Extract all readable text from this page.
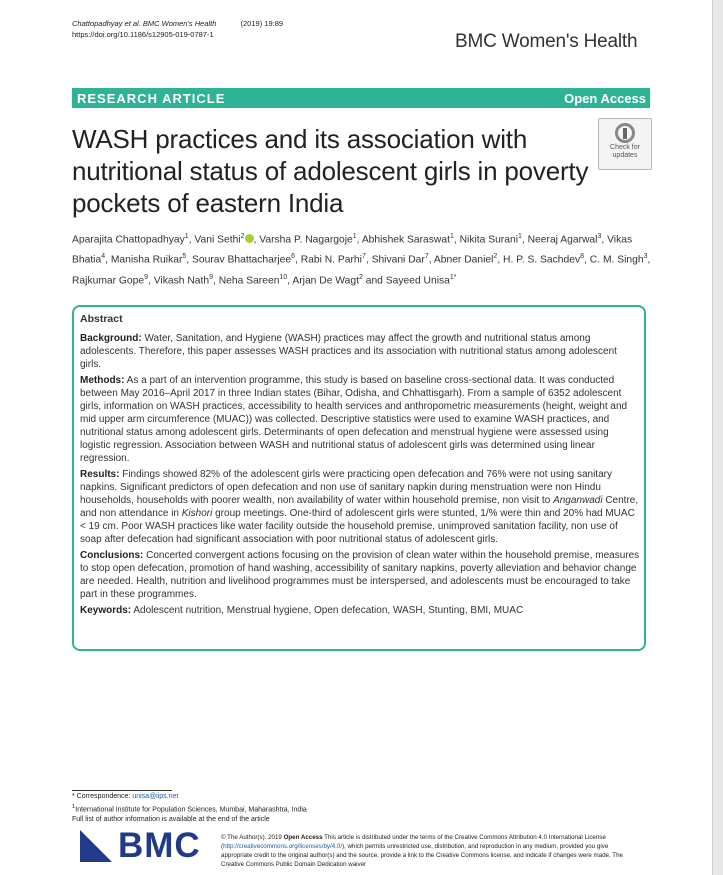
Chattopadhyay et al. BMC Women's Health	(2019) 19:89
https://doi.org/10.1186/s12905-019-0787-1	BMC Women's Health
RESEARCH ARTICLE	Open Access
WASH practices and its association with nutritional status of adolescent girls in poverty pockets of eastern India
Check for updates
Aparajita Chattopadhyay$^1$, Vani Sethi$^2$ , Varsha P. Nagargoje$^1$, Abhishek Saraswat$^1$, Nikita Surani$^1$, Neeraj Agarwal$^3$, Vikas Bhatia$^4$, Manisha Ruikar$^5$, Sourav Bhattacharjee$^6$, Rabi N. Parhi$^7$, Shivani Dar$^7$, Abner Daniel$^2$, H. P. S. Sachdev$^8$, C. M. Singh$^3$, Rajkumar Gope$^9$, Vikash Nath$^9$, Neha Sareen$^{10}$, Arjan De Wagt$^2$ and Sayeed Unisa$^{1*}$
Abstract

Background: Water, Sanitation, and Hygiene (WASH) practices may affect the growth and nutritional status among adolescents. Therefore, this paper assesses WASH practices and its association with nutritional status among adolescent girls.

Methods: As a part of an intervention programme, this study is based on baseline cross-sectional data. It was conducted between May 2016–April 2017 in three Indian states (Bihar, Odisha, and Chhattisgarh). From a sample of 6352 adolescent girls, information on WASH practices, accessibility to health services and anthropometric measurements (height, weight and mid upper arm circumference (MUAC)) was collected. Descriptive statistics were used to examine WASH practices, and nutritional status among adolescent girls. Determinants of open defecation and menstrual hygiene were assessed using logistic regression. Association between WASH and nutritional status of adolescent girls was determined using linear regression.

Results: Findings showed 82% of the adolescent girls were practicing open defecation and 76% were not using sanitary napkins. Significant predictors of open defecation and non use of sanitary napkin during menstruation were non Hindu households, households with poorer wealth, non availability of water within household premise, non visit to Anganwadi Centre, and non attendance in Kishori group meetings. One-third of adolescent girls were stunted, 1/% were thin and 20% had MUAC < 19 cm. Poor WASH practices like water facility outside the household premise, unimproved sanitation facility, non use of soap after defecation had significant association with poor nutritional status of adolescent girls.

Conclusions: Concerted convergent actions focusing on the provision of clean water within the household premise, measures to stop open defecation, promotion of hand washing, accessibility of sanitary napkins, poverty alleviation and behavior change are needed. Health, nutrition and livelihood programmes must be interspersed, and adolescents must be encouraged to take part in these programmes.

Keywords: Adolescent nutrition, Menstrual hygiene, Open defecation, WASH, Stunting, BMI, MUAC

* Correspondence: unisa@iips.net
$^1$International Institute for Population Sciences, Mumbai, Maharashtra, India
Full list of author information is available at the end of the article
BMC	© The Author(s). 2019 Open Access This article is distributed under the terms of the Creative Commons Attribution 4.0 International License (http://creativecommons.org/licenses/by/4.0/), which permits unrestricted use, distribution, and reproduction in any medium, provided you give appropriate credit to the original author(s) and the source, provide a link to the Creative Commons license, and indicate if changes were made. The Creative Commons Public Domain Dedication waiver
